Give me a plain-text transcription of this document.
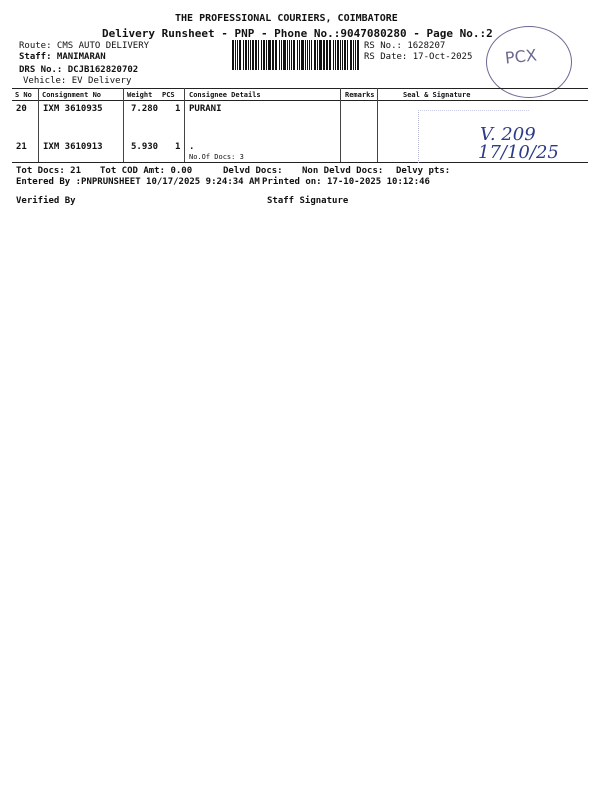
THE PROFESSIONAL COURIERS, COIMBATORE
Delivery Runsheet - PNP - Phone No.:9047080280 - Page No.:2
Route: CMS AUTO DELIVERY
Staff: MANIMARAN
DRS No.: DCJB162820702
Vehicle: EV Delivery
RS No.: 1628207
RS Date: 17-Oct-2025 PCX
S No Consignment No	Weight PCS Consignee Details	Remarks	Seal & Signature
20 IXM 3610935	7.280 1 PURANI
21 IXM 3610913	5.930 1 .
No.Of Docs: 3
V. 209
17/10/25
Tot Docs: 21 Tot COD Amt: 0.00	Delvd Docs: Non Delvd Docs: Delvy pts:
Entered By :PNPRUNSHEET 10/17/2025 9:24:34 AM Printed on: 17-10-2025 10:12:46
Verified By	Staff Signature
